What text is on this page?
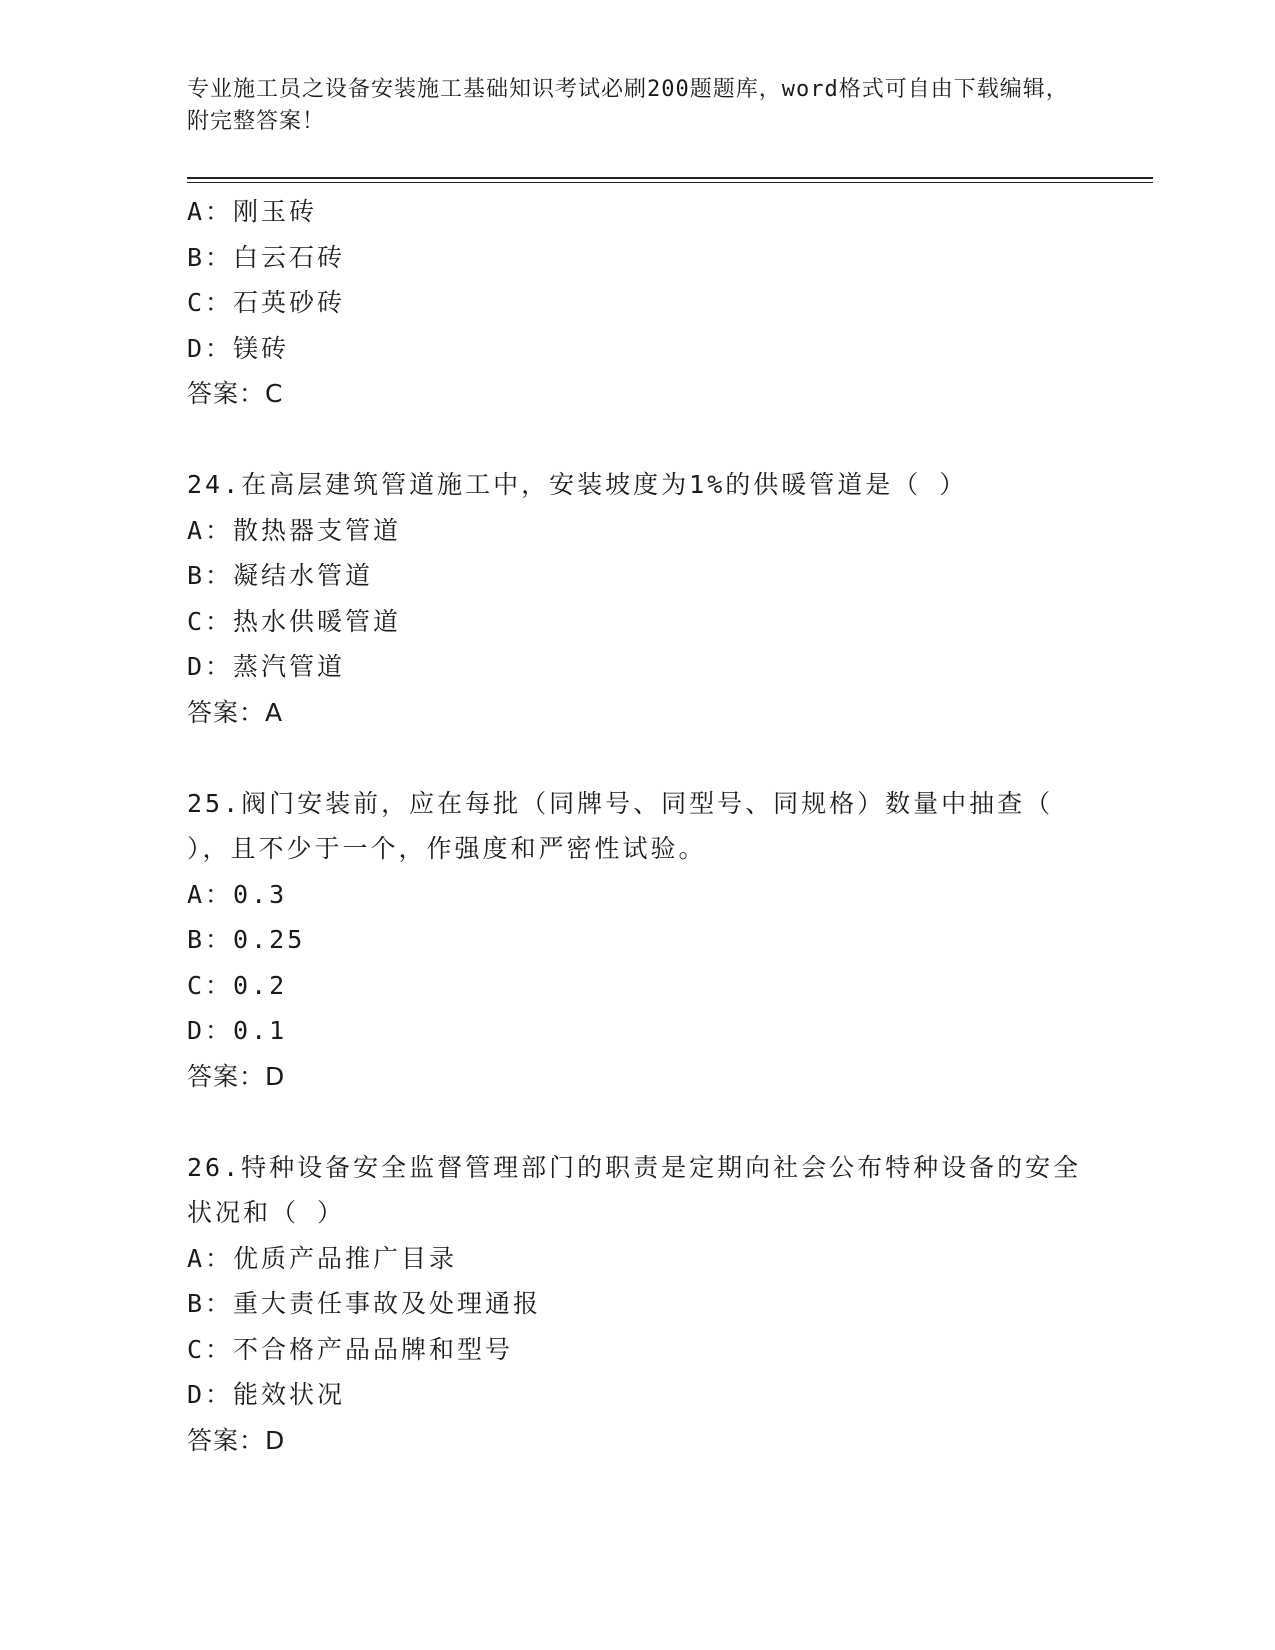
专业施工员之设备安装施工基础知识考试必刷200题题库，word格式可自由下载编辑，附完整答案！
A：刚玉砖
B：白云石砖
C：石英砂砖
D：镁砖
答案：C
24.在高层建筑管道施工中，安装坡度为1%的供暖管道是（ ）
A：散热器支管道
B：凝结水管道
C：热水供暖管道
D：蒸汽管道
答案：A
25.阀门安装前，应在每批（同牌号、同型号、同规格）数量中抽查（ ），且不少于一个，作强度和严密性试验。
A：0.3
B：0.25
C：0.2
D：0.1
答案：D
26.特种设备安全监督管理部门的职责是定期向社会公布特种设备的安全状况和（ ）
A：优质产品推广目录
B：重大责任事故及处理通报
C：不合格产品品牌和型号
D：能效状况
答案：D
